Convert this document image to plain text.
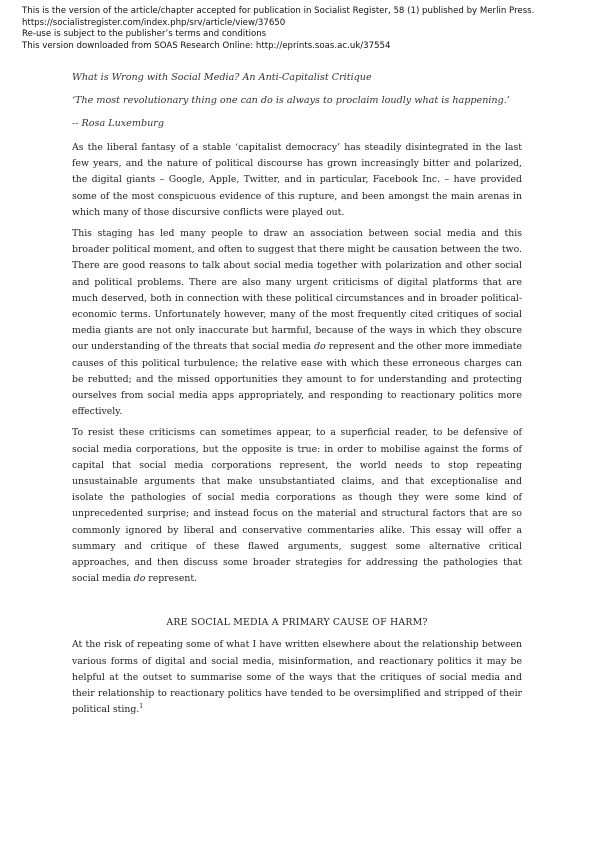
This is the version of the article/chapter accepted for publication in Socialist Register, 58 (1) published by Merlin Press.
https://socialistregister.com/index.php/srv/article/view/37650
Re-use is subject to the publisher’s terms and conditions
This version downloaded from SOAS Research Online: http://eprints.soas.ac.uk/37554

What is Wrong with Social Media? An Anti-Capitalist Critique

‘The most revolutionary thing one can do is always to proclaim loudly what is happening.’

-- Rosa Luxemburg

As the liberal fantasy of a stable ‘capitalist democracy’ has steadily disintegrated in the last few years, and the nature of political discourse has grown increasingly bitter and polarized, the digital giants – Google, Apple, Twitter, and in particular, Facebook Inc. – have provided some of the most conspicuous evidence of this rupture, and been amongst the main arenas in which many of those discursive conflicts were played out.

This staging has led many people to draw an association between social media and this broader political moment, and often to suggest that there might be causation between the two. There are good reasons to talk about social media together with polarization and other social and political problems. There are also many urgent criticisms of digital platforms that are much deserved, both in connection with these political circumstances and in broader political-economic terms. Unfortunately however, many of the most frequently cited critiques of social media giants are not only inaccurate but harmful, because of the ways in which they obscure our understanding of the threats that social media do represent and the other more immediate causes of this political turbulence; the relative ease with which these erroneous charges can be rebutted; and the missed opportunities they amount to for understanding and protecting ourselves from social media apps appropriately, and responding to reactionary politics more effectively.

To resist these criticisms can sometimes appear, to a superficial reader, to be defensive of social media corporations, but the opposite is true: in order to mobilise against the forms of capital that social media corporations represent, the world needs to stop repeating unsustainable arguments that make unsubstantiated claims, and that exceptionalise and isolate the pathologies of social media corporations as though they were some kind of unprecedented surprise; and instead focus on the material and structural factors that are so commonly ignored by liberal and conservative commentaries alike. This essay will offer a summary and critique of these flawed arguments, suggest some alternative critical approaches, and then discuss some broader strategies for addressing the pathologies that social media do represent.

ARE SOCIAL MEDIA A PRIMARY CAUSE OF HARM?

At the risk of repeating some of what I have written elsewhere about the relationship between various forms of digital and social media, misinformation, and reactionary politics it may be helpful at the outset to summarise some of the ways that the critiques of social media and their relationship to reactionary politics have tended to be oversimplified and stripped of their political sting.$^1$
